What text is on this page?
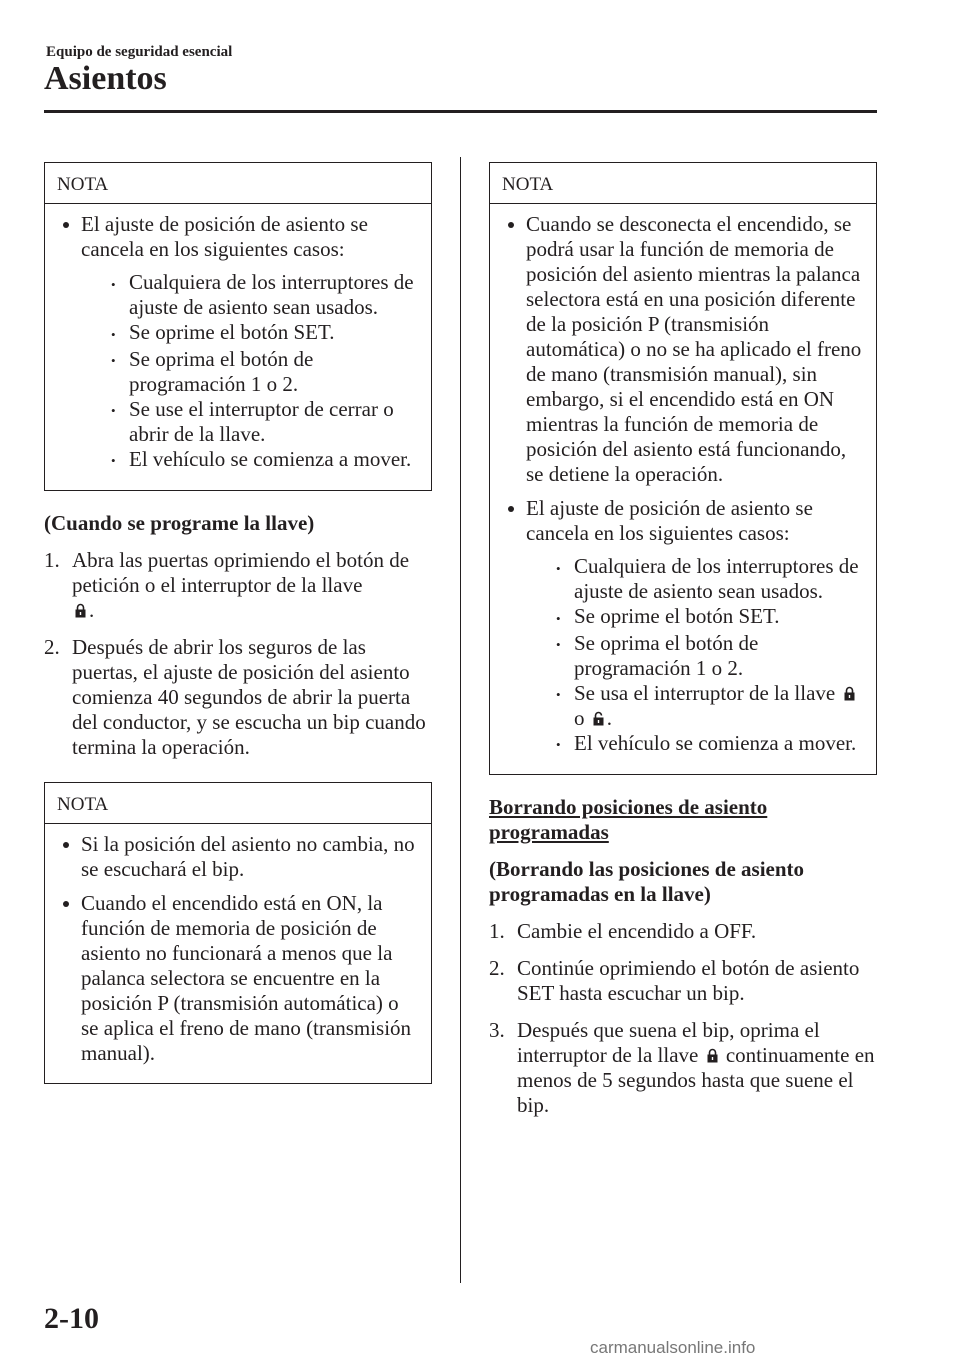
Equipo de seguridad esencial
Asientos
NOTA
El ajuste de posición de asiento se cancela en los siguientes casos:
•
Cualquiera de los interruptores de ajuste de asiento sean usados.
•
Se oprime el botón SET.
•
Se oprima el botón de programación 1 o 2.
•
Se use el interruptor de cerrar o abrir de la llave.
•
El vehículo se comienza a mover.
(Cuando se programe la llave)
1. Abra las puertas oprimiendo el botón de petición o el interruptor de la llave
.
2. Después de abrir los seguros de las puertas, el ajuste de posición del asiento comienza 40 segundos de abrir la puerta del conductor, y se escucha un bip cuando termina la operación.
NOTA
Si la posición del asiento no cambia, no se escuchará el bip.
Cuando el encendido está en ON, la función de memoria de posición de asiento no funcionará a menos que la palanca selectora se encuentre en la posición P (transmisión automática) o se aplica el freno de mano (transmisión manual).
NOTA
Cuando se desconecta el encendido, se podrá usar la función de memoria de posición del asiento mientras la palanca selectora está en una posición diferente de la posición P (transmisión automática) o no se ha aplicado el freno de mano (transmisión manual), sin embargo, si el encendido está en ON mientras la función de memoria de posición del asiento está funcionando, se detiene la operación.
El ajuste de posición de asiento se cancela en los siguientes casos:
•
Cualquiera de los interruptores de ajuste de asiento sean usados.
•
Se oprime el botón SET.
•
Se oprima el botón de programación 1 o 2.
•
Se usa el interruptor de la llave
o .
•
El vehículo se comienza a mover.
Borrando posiciones de asiento programadas
(Borrando las posiciones de asiento programadas en la llave)
1. Cambie el encendido a OFF.
2. Continúe oprimiendo el botón de asiento SET hasta escuchar un bip.
3. Después que suena el bip, oprima el interruptor de la llave continuamente en menos de 5 segundos hasta que suene el bip.
2-10
carmanualsonline.info
